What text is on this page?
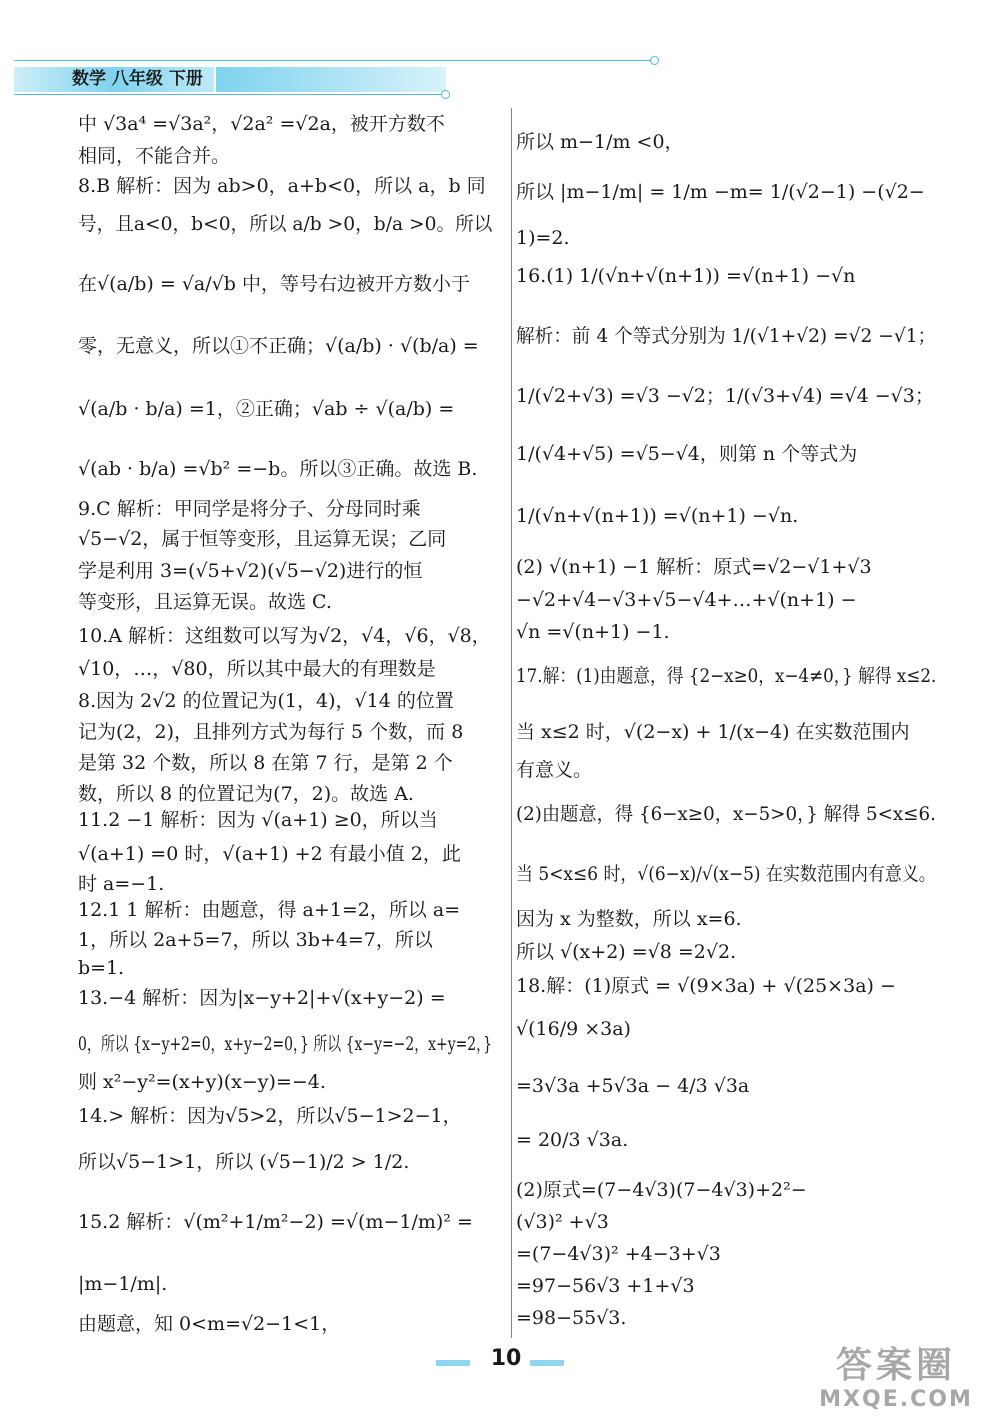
数学 八年级 下册
中 √3a⁴ =√3a²，√2a² =√2a，被开方数不
相同，不能合并。
8.B 解析：因为 ab>0，a+b<0，所以 a，b 同
号，且a<0，b<0，所以 a/b >0，b/a >0。所以
在√(a/b) = √a/√b 中，等号右边被开方数小于
零，无意义，所以①不正确；√(a/b) · √(b/a) =
√(a/b · b/a) =1，②正确；√ab ÷ √(a/b) =
√(ab · b/a) =√b² =−b。所以③正确。故选 B.
9.C 解析：甲同学是将分子、分母同时乘
√5−√2，属于恒等变形，且运算无误；乙同
学是利用 3=(√5+√2)(√5−√2)进行的恒
等变形，且运算无误。故选 C.
10.A 解析：这组数可以写为√2，√4，√6，√8，
√10，…，√80，所以其中最大的有理数是
8.因为 2√2 的位置记为(1，4)，√14 的位置
记为(2，2)，且排列方式为每行 5 个数，而 8
是第 32 个数，所以 8 在第 7 行，是第 2 个
数，所以 8 的位置记为(7，2)。故选 A.
11.2 −1 解析：因为 √(a+1) ≥0，所以当
√(a+1) =0 时，√(a+1) +2 有最小值 2，此
时 a=−1.
12.1 1 解析：由题意，得 a+1=2，所以 a=
1，所以 2a+5=7，所以 3b+4=7，所以
b=1.
13.−4 解析：因为|x−y+2|+√(x+y−2) =
0，所以 {x−y+2=0，x+y−2=0，} 所以 {x−y=−2，x+y=2，}
则 x²−y²=(x+y)(x−y)=−4.
14.> 解析：因为√5>2，所以√5−1>2−1，
所以√5−1>1，所以 (√5−1)/2 > 1/2.
15.2 解析：√(m²+1/m²−2) =√(m−1/m)² =
|m−1/m|.
由题意，知 0<m=√2−1<1，
所以 m−1/m <0，
所以 |m−1/m| = 1/m −m= 1/(√2−1) −(√2−
1)=2.
16.(1) 1/(√n+√(n+1)) =√(n+1) −√n
解析：前 4 个等式分别为 1/(√1+√2) =√2 −√1；
1/(√2+√3) =√3 −√2；1/(√3+√4) =√4 −√3；
1/(√4+√5) =√5−√4，则第 n 个等式为
1/(√n+√(n+1)) =√(n+1) −√n.
(2) √(n+1) −1 解析：原式=√2−√1+√3
−√2+√4−√3+√5−√4+…+√(n+1) −
√n =√(n+1) −1.
17.解：(1)由题意，得 {2−x≥0，x−4≠0，} 解得 x≤2.
当 x≤2 时，√(2−x) + 1/(x−4) 在实数范围内
有意义。
(2)由题意，得 {6−x≥0，x−5>0，} 解得 5<x≤6.
当 5<x≤6 时，√(6−x)/√(x−5) 在实数范围内有意义。
因为 x 为整数，所以 x=6.
所以 √(x+2) =√8 =2√2.
18.解：(1)原式 = √(9×3a) + √(25×3a) −
√(16/9 ×3a)
=3√3a +5√3a − 4/3 √3a
= 20/3 √3a.
(2)原式=(7−4√3)(7−4√3)+2²−
(√3)² +√3
=(7−4√3)² +4−3+√3
=97−56√3 +1+√3
=98−55√3.
10	答案圈
MXQE.COM
